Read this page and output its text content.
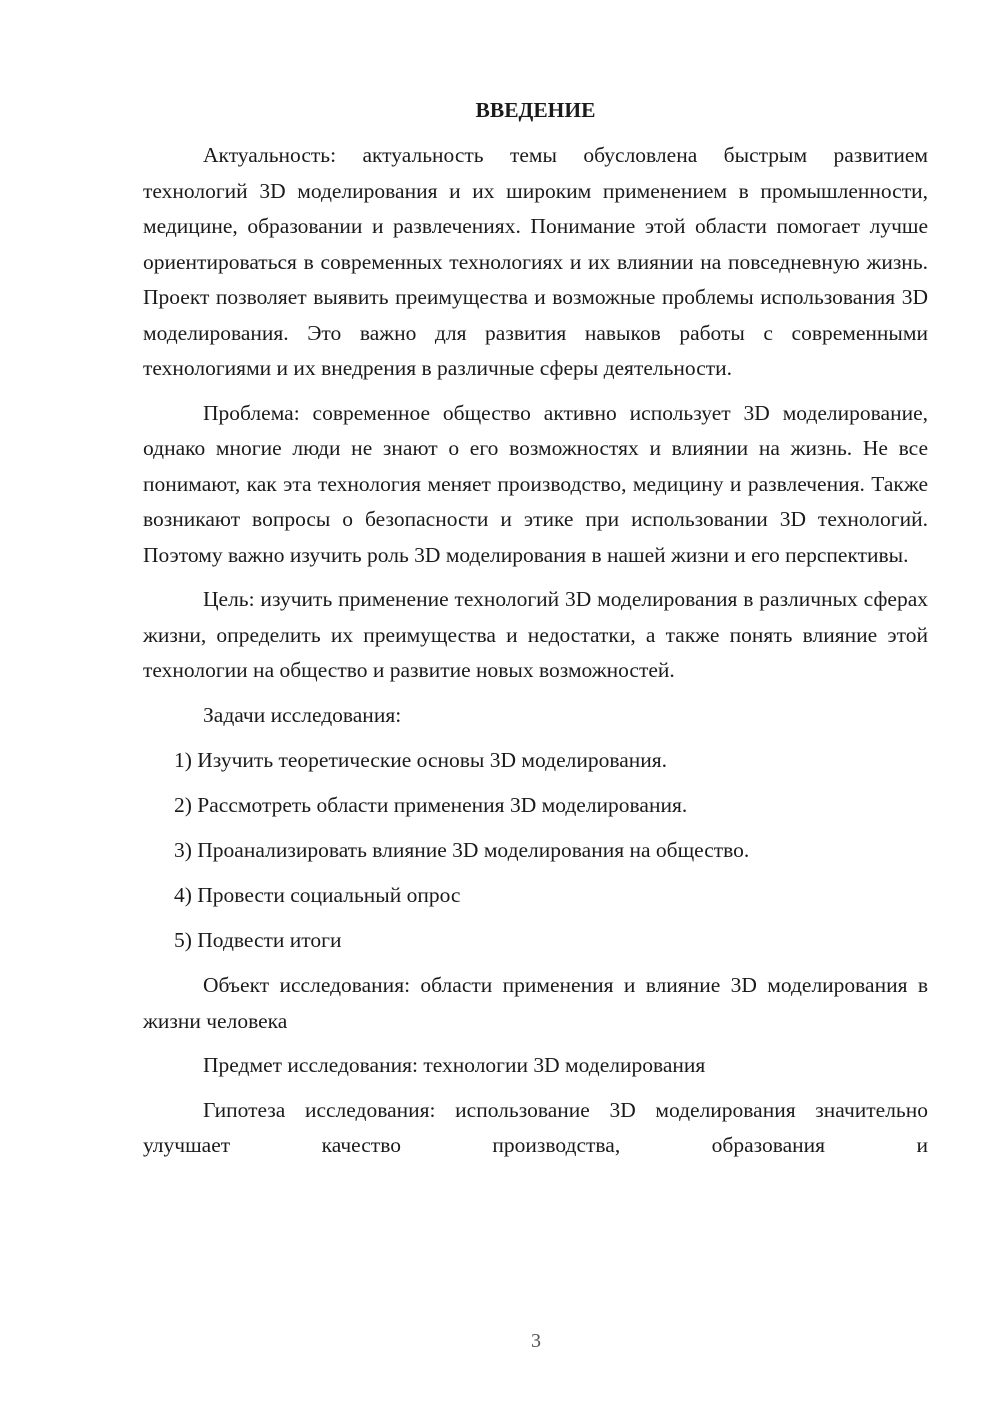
ВВЕДЕНИЕ

Актуальность: актуальность темы обусловлена быстрым развитием технологий 3D моделирования и их широким применением в промышленности, медицине, образовании и развлечениях. Понимание этой области помогает лучше ориентироваться в современных технологиях и их влиянии на повседневную жизнь. Проект позволяет выявить преимущества и возможные проблемы использования 3D моделирования. Это важно для развития навыков работы с современными технологиями и их внедрения в различные сферы деятельности.

Проблема: современное общество активно использует 3D моделирование, однако многие люди не знают о его возможностях и влиянии на жизнь. Не все понимают, как эта технология меняет производство, медицину и развлечения. Также возникают вопросы о безопасности и этике при использовании 3D технологий. Поэтому важно изучить роль 3D моделирования в нашей жизни и его перспективы.

Цель: изучить применение технологий 3D моделирования в различных сферах жизни, определить их преимущества и недостатки, а также понять влияние этой технологии на общество и развитие новых возможностей.

Задачи исследования:
1) Изучить теоретические основы 3D моделирования.
2) Рассмотреть области применения 3D моделирования.
3) Проанализировать влияние 3D моделирования на общество.
4) Провести социальный опрос
5) Подвести итоги

Объект исследования: области применения и влияние 3D моделирования в жизни человека

Предмет исследования: технологии 3D моделирования

Гипотеза исследования: использование 3D моделирования значительно улучшает качество производства, образования и

3
